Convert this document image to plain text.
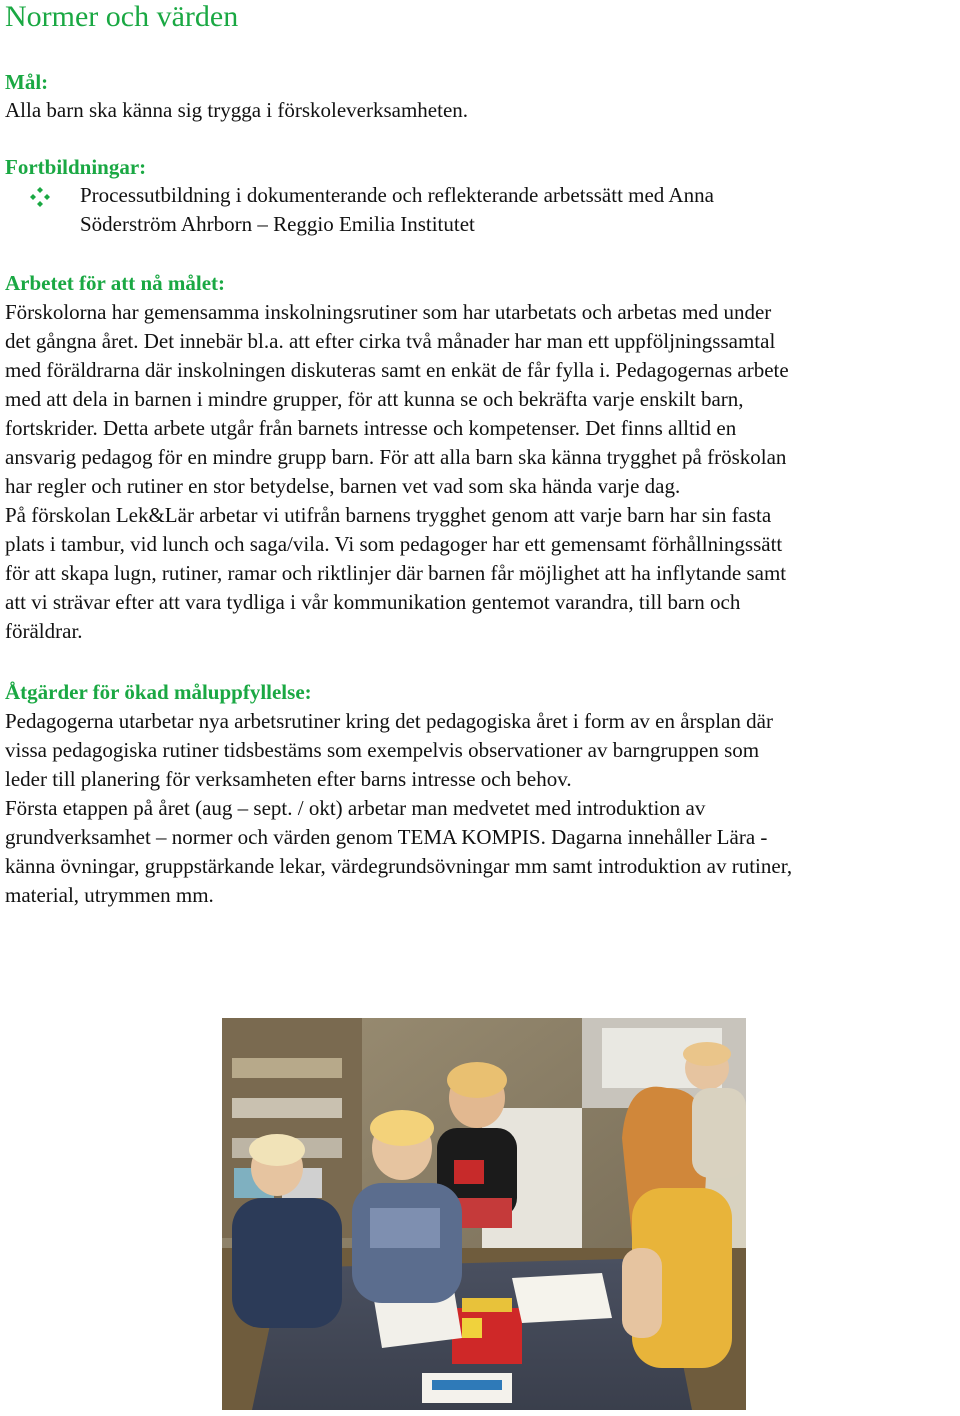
Normer och värden
Mål:
Alla barn ska känna sig trygga i förskoleverksamheten.
Fortbildningar:
Processutbildning i dokumenterande och reflekterande arbetssätt med Anna
Söderström Ahrborn – Reggio Emilia Institutet
Arbetet för att nå målet:
Förskolorna har gemensamma inskolningsrutiner som har utarbetats och arbetas med under
det gångna året. Det innebär bl.a. att efter cirka två månader har man ett uppföljningssamtal
med föräldrarna där inskolningen diskuteras samt en enkät de får fylla i. Pedagogernas arbete
med att dela in barnen i mindre grupper, för att kunna se och bekräfta varje enskilt barn,
fortskrider. Detta arbete utgår från barnets intresse och kompetenser. Det finns alltid en
ansvarig pedagog för en mindre grupp barn. För att alla barn ska känna trygghet på fröskolan
har regler och rutiner en stor betydelse, barnen vet vad som ska hända varje dag.
På förskolan Lek&Lär arbetar vi utifrån barnens trygghet genom att varje barn har sin fasta
plats i tambur, vid lunch och saga/vila. Vi som pedagoger har ett gemensamt förhållningssätt
för att skapa lugn, rutiner, ramar och riktlinjer där barnen får möjlighet att ha inflytande samt
att vi strävar efter att vara tydliga i vår kommunikation gentemot varandra, till barn och
föräldrar.
Åtgärder för ökad måluppfyllelse:
Pedagogerna utarbetar nya arbetsrutiner kring det pedagogiska året i form av en årsplan där
vissa pedagogiska rutiner tidsbestäms som exempelvis observationer av barngruppen som
leder till planering för verksamheten efter barns intresse och behov.
Första etappen på året (aug – sept. / okt) arbetar man medvetet med introduktion av
grundverksamhet – normer och värden genom TEMA KOMPIS. Dagarna innehåller Lära -
känna övningar, gruppstärkande lekar, värdegrundsövningar mm samt introduktion av rutiner,
material, utrymmen mm.
